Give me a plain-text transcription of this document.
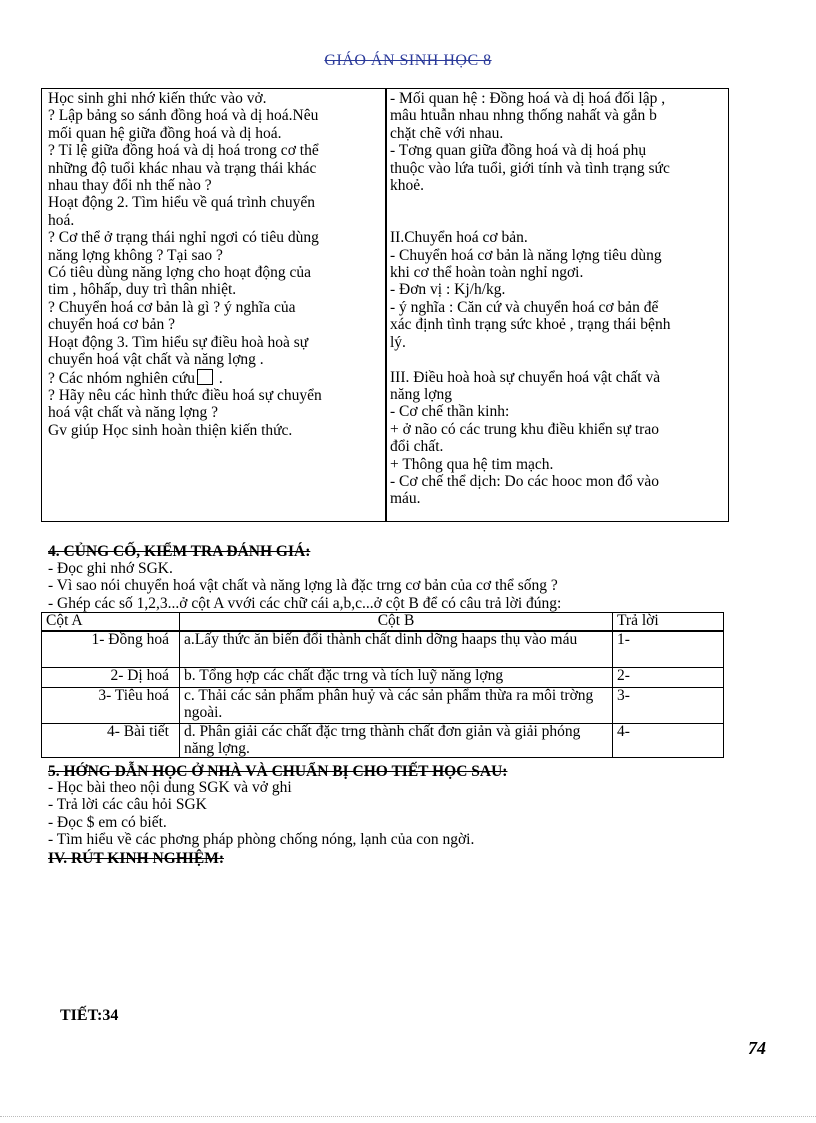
GIÁO ÁN SINH HỌC 8
Học sinh ghi nhớ kiến thức vào vở.
? Lập bảng so sánh đồng hoá và dị hoá.Nêu
mối quan hệ giữa đồng hoá và dị hoá.
? Tỉ lệ giữa đồng hoá và dị hoá trong cơ thể
những độ tuổi khác nhau và trạng thái khác
nhau thay đổi nh thế nào ?
Hoạt động 2. Tìm hiểu về quá trình chuyển
hoá.
? Cơ thể ở trạng thái nghỉ ngơi có tiêu dùng
năng lợng không ? Tại sao ?
Có tiêu dùng năng lợng cho hoạt động của
tim , hôhấp, duy trì thân nhiệt.
? Chuyển hoá cơ bản là gì ? ý nghĩa của
chuyển hoá cơ bản ?
Hoạt động 3. Tìm hiểu sự điều hoà hoà sự
chuyển hoá vật chất và năng lợng .
? Các nhóm nghiên cứu .
? Hãy nêu các hình thức điều hoá sự chuyển
hoá vật chất và năng lợng ?
Gv giúp Học sinh hoàn thiện kiến thức.
- Mối quan hệ : Đồng hoá và dị hoá đối lập ,
mâu htuẫn nhau nhng thống nahất và gắn b
chặt chẽ với nhau.
- Tơng quan giữa đồng hoá và dị hoá phụ
thuộc vào lứa tuổi, giới tính và tình trạng sức
khoẻ.

II.Chuyển hoá cơ bản.
- Chuyển hoá cơ bản là năng lợng tiêu dùng
khi cơ thể hoàn toàn nghỉ ngơi.
- Đơn vị : Kj/h/kg.
- ý nghĩa : Căn cứ và chuyển hoá cơ bản để
xác định tình trạng sức khoẻ , trạng thái bệnh
lý.

III. Điều hoà hoà sự chuyển hoá vật chất và
năng lợng
- Cơ chế thần kinh:
+ ở não có các trung khu điều khiển sự trao
đổi chất.
+ Thông qua hệ tim mạch.
- Cơ chế thể dịch: Do các hooc mon đổ vào
máu.
4. CỦNG CỐ, KIỂM TRA ĐÁNH GIÁ:
- Đọc ghi nhớ SGK.
- Vì sao nói chuyển hoá vật chất và năng lợng là đặc trng cơ bản của cơ thể sống ?
- Ghép các số 1,2,3...ở cột A vvới các chữ cái a,b,c...ở cột B để có câu trả lời đúng:
Cột A	Cột B	Trả lời
1- Đồng hoá	a.Lấy thức ăn biến đổi thành chất dinh dỡng haaps thụ vào máu	1-
2- Dị hoá	b. Tổng hợp các chất đặc trng và tích luỹ năng lợng	2-
3- Tiêu hoá	c. Thải các sản phẩm phân huỷ và các sản phẩm thừa ra môi trờng ngoài.	3-
4- Bài tiết	d. Phân giải các chất đặc trng thành chất đơn giản và giải phóng năng lợng.	4-
5. HỚNG DẪN HỌC Ở NHÀ VÀ CHUẨN BỊ CHO TIẾT HỌC SAU:
- Học bài theo nội dung SGK và vở ghi
- Trả lời các câu hỏi SGK
- Đọc $ em có biết.
- Tìm hiểu về các phơng pháp phòng chống nóng, lạnh của con ngời.
IV. RÚT KINH NGHIỆM:
TIẾT:34
74
